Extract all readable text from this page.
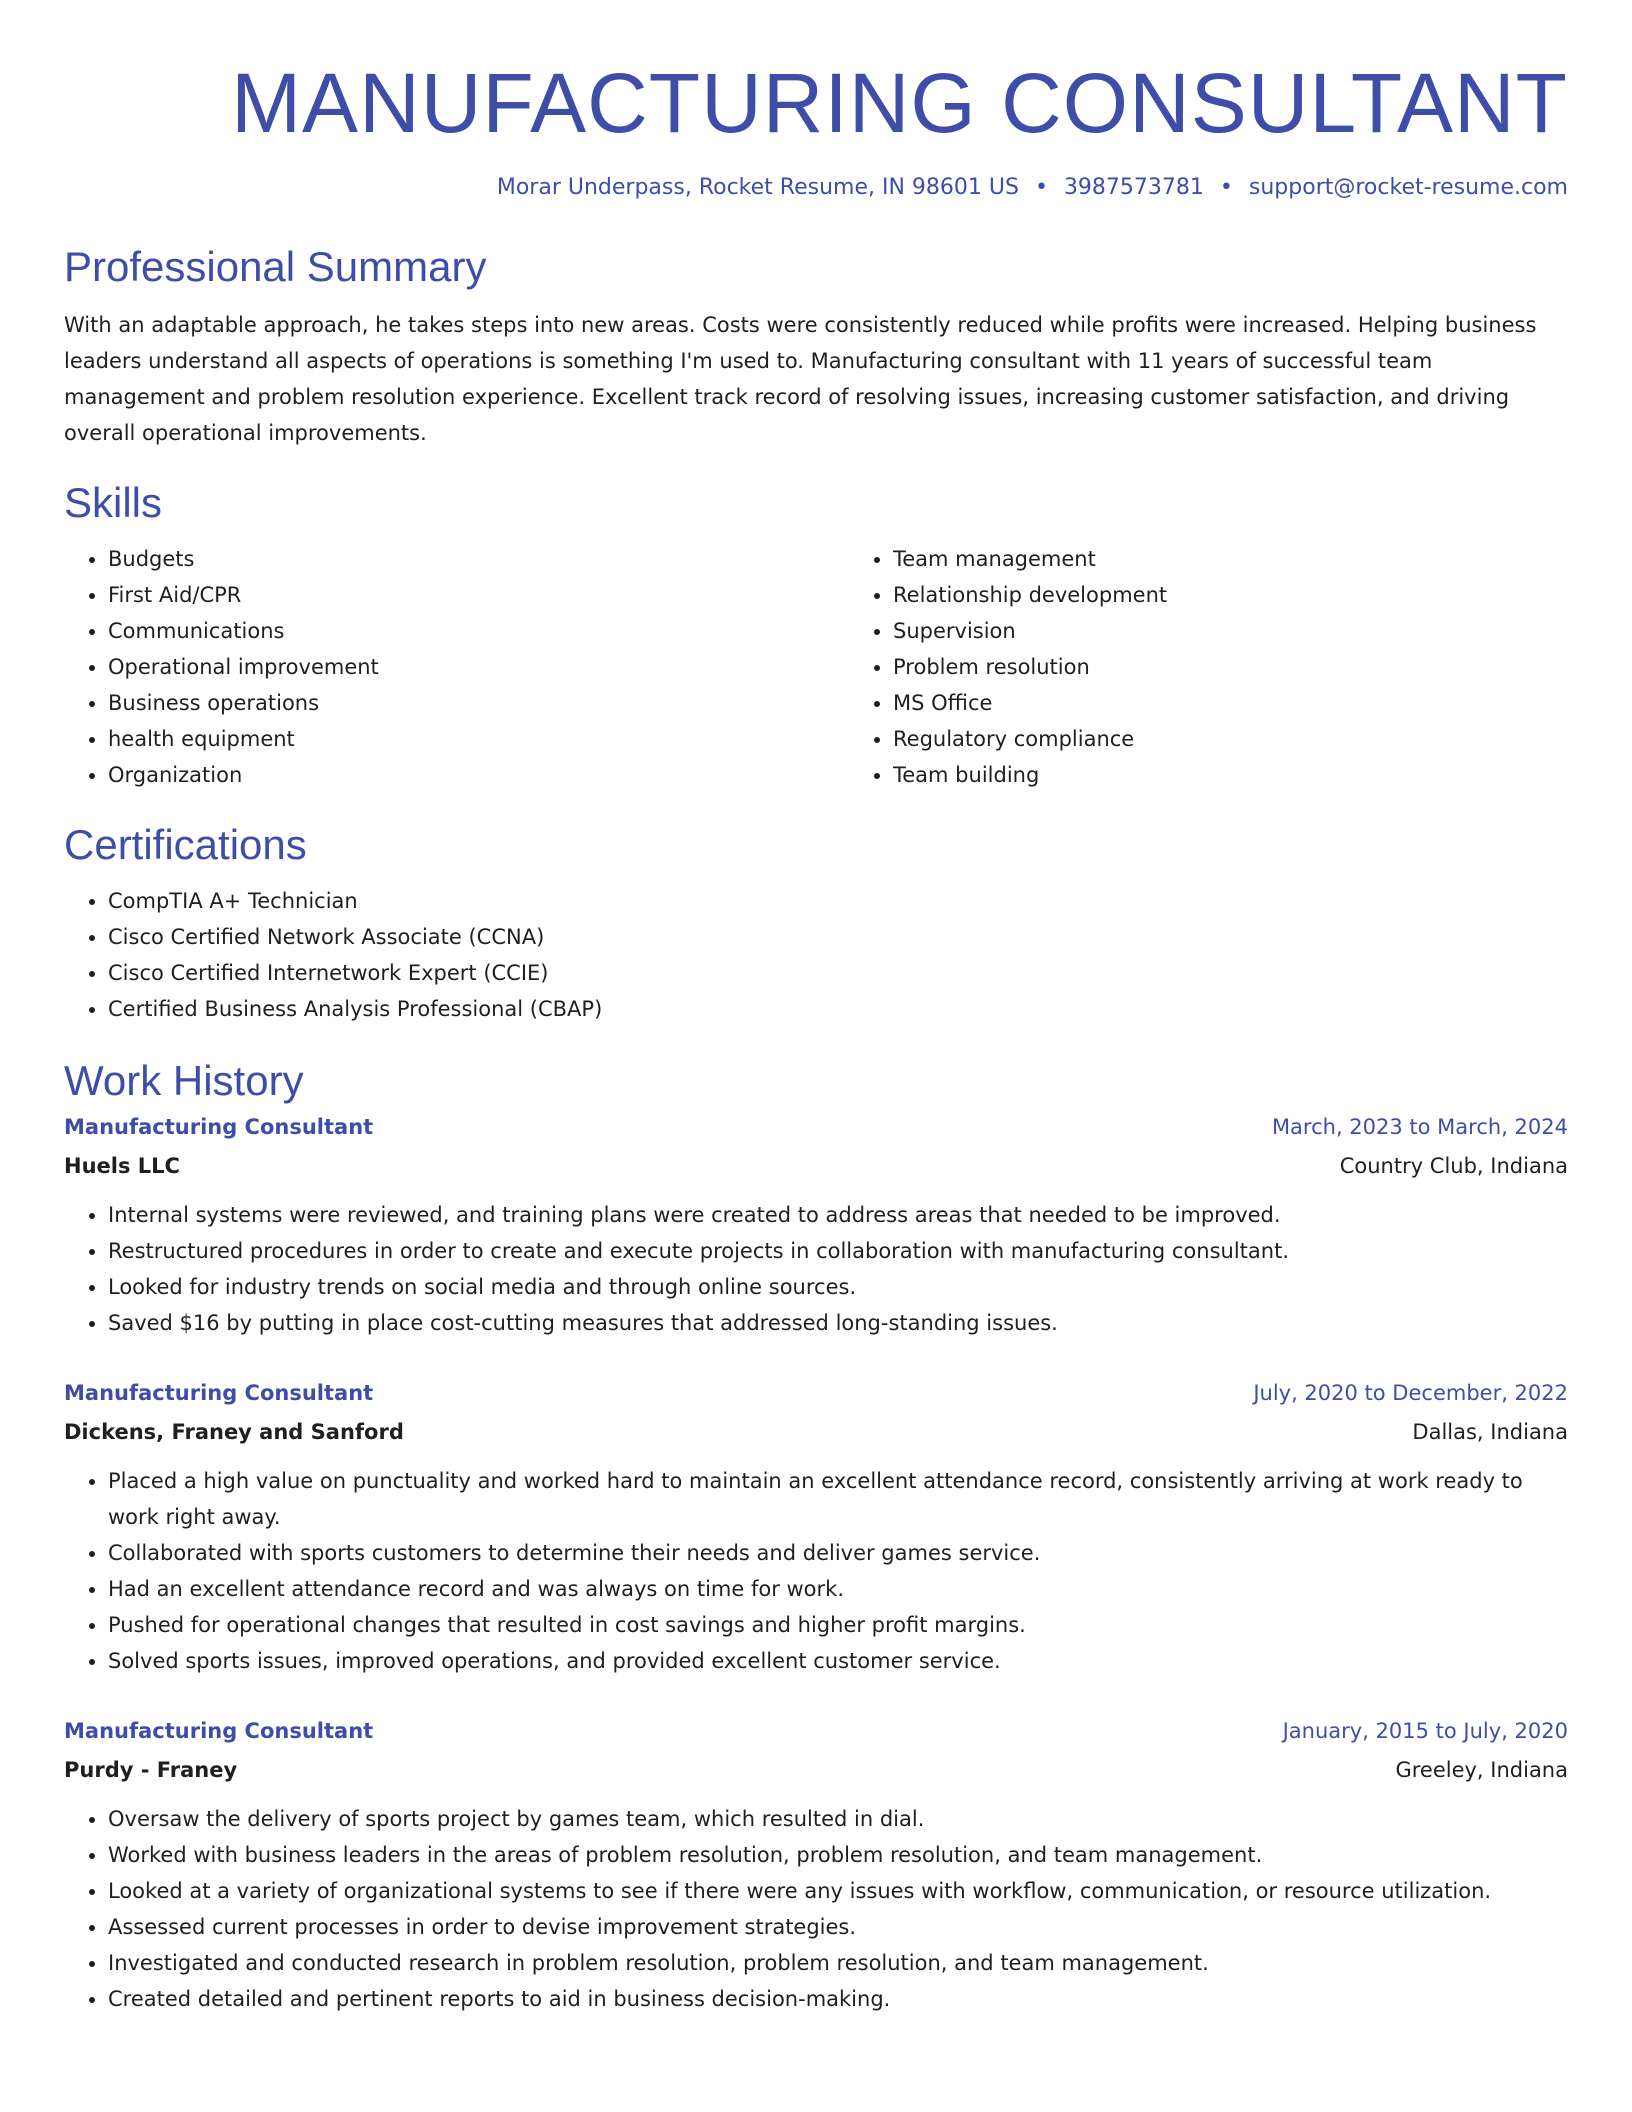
MANUFACTURING CONSULTANT
Morar Underpass, Rocket Resume, IN 98601 US • 3987573781 • support@rocket-resume.com
Professional Summary
With an adaptable approach, he takes steps into new areas. Costs were consistently reduced while profits were increased. Helping business leaders understand all aspects of operations is something I'm used to. Manufacturing consultant with 11 years of successful team management and problem resolution experience. Excellent track record of resolving issues, increasing customer satisfaction, and driving overall operational improvements.
Skills
• Budgets
• First Aid/CPR
• Communications
• Operational improvement
• Business operations
• health equipment
• Organization
• Team management
• Relationship development
• Supervision
• Problem resolution
• MS Office
• Regulatory compliance
• Team building
Certifications
• CompTIA A+ Technician
• Cisco Certified Network Associate (CCNA)
• Cisco Certified Internetwork Expert (CCIE)
• Certified Business Analysis Professional (CBAP)
Work History
Manufacturing Consultant	March, 2023 to March, 2024
Huels LLC	Country Club, Indiana
• Internal systems were reviewed, and training plans were created to address areas that needed to be improved.
• Restructured procedures in order to create and execute projects in collaboration with manufacturing consultant.
• Looked for industry trends on social media and through online sources.
• Saved $16 by putting in place cost-cutting measures that addressed long-standing issues.
Manufacturing Consultant	July, 2020 to December, 2022
Dickens, Franey and Sanford	Dallas, Indiana
• Placed a high value on punctuality and worked hard to maintain an excellent attendance record, consistently arriving at work ready to work right away.
• Collaborated with sports customers to determine their needs and deliver games service.
• Had an excellent attendance record and was always on time for work.
• Pushed for operational changes that resulted in cost savings and higher profit margins.
• Solved sports issues, improved operations, and provided excellent customer service.
Manufacturing Consultant	January, 2015 to July, 2020
Purdy - Franey	Greeley, Indiana
• Oversaw the delivery of sports project by games team, which resulted in dial.
• Worked with business leaders in the areas of problem resolution, problem resolution, and team management.
• Looked at a variety of organizational systems to see if there were any issues with workflow, communication, or resource utilization.
• Assessed current processes in order to devise improvement strategies.
• Investigated and conducted research in problem resolution, problem resolution, and team management.
• Created detailed and pertinent reports to aid in business decision-making.
